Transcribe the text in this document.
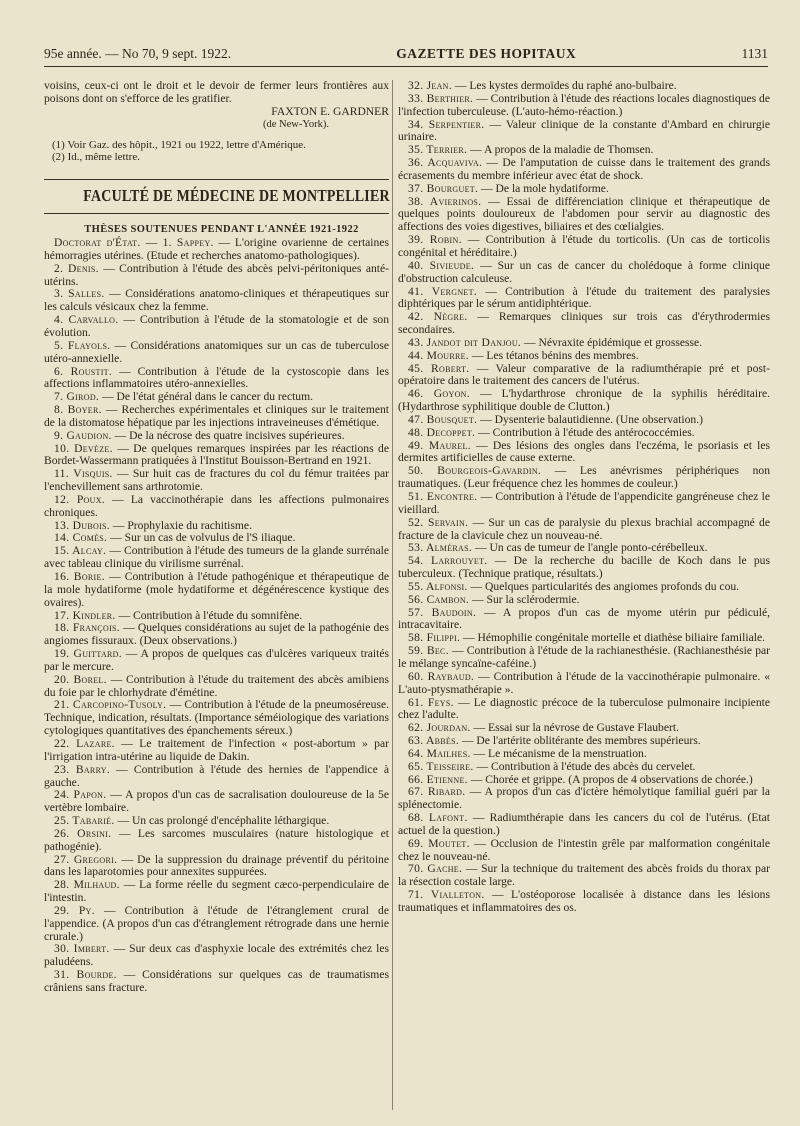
95e année. — No 70, 9 sept. 1922.	GAZETTE DES HOPITAUX	1131

voisins, ceux-ci ont le droit et le devoir de fermer leurs frontières aux poisons dont on s'efforce de les gratifier.

FAXTON E. GARDNER

(de New-York).

(1) Voir Gaz. des hôpit., 1921 ou 1922, lettre d'Amérique.

(2) Id., même lettre.

FACULTÉ DE MÉDECINE DE MONTPELLIER

THÈSES SOUTENUES PENDANT L'ANNÉE 1921-1922

Doctorat d'État. — 1. Sappey. — L'origine ovarienne de certaines hémorragies utérines. (Etude et recherches anatomo-pathologiques).

2. Denis. — Contribution à l'étude des abcès pelvi-péritoniques anté-utérins.

3. Salles. — Considérations anatomo-cliniques et thérapeutiques sur les calculs vésicaux chez la femme.

4. Carvallo. — Contribution à l'étude de la stomatologie et de son évolution.

5. Flayols. — Considérations anatomiques sur un cas de tuberculose utéro-annexielle.

6. Roustit. — Contribution à l'étude de la cystoscopie dans les affections inflammatoires utéro-annexielles.

7. Girod. — De l'état général dans le cancer du rectum.

8. Boyer. — Recherches expérimentales et cliniques sur le traitement de la distomatose hépatique par les injections intraveineuses d'émétique.

9. Gaudion. — De la nécrose des quatre incisives supérieures.

10. Devèze. — De quelques remarques inspirées par les réactions de Bordet-Wassermann pratiquées à l'Institut Bouisson-Bertrand en 1921.

11. Visquis. — Sur huit cas de fractures du col du fémur traitées par l'enchevillement sans arthrotomie.

12. Poux. — La vaccinothérapie dans les affections pulmonaires chroniques.

13. Dubois. — Prophylaxie du rachitisme.

14. Comès. — Sur un cas de volvulus de l'S iliaque.

15. Alcay. — Contribution à l'étude des tumeurs de la glande surrénale avec tableau clinique du virilisme surrénal.

16. Borie. — Contribution à l'étude pathogénique et thérapeutique de la mole hydatiforme (mole hydatiforme et dégénérescence kystique des ovaires).

17. Kindler. — Contribution à l'étude du somnifène.

18. François. — Quelques considérations au sujet de la pathogénie des angiomes fissuraux. (Deux observations.)

19. Guittard. — A propos de quelques cas d'ulcères variqueux traités par le mercure.

20. Borel. — Contribution à l'étude du traitement des abcès amibiens du foie par le chlorhydrate d'émétine.

21. Carcopino-Tusoly. — Contribution à l'étude de la pneumoséreuse. Technique, indication, résultats. (Importance séméiologique des variations cytologiques quantitatives des épanchements séreux.)

22. Lazare. — Le traitement de l'infection « post-abortum » par l'irrigation intra-utérine au liquide de Dakin.

23. Barry. — Contribution à l'étude des hernies de l'appendice à gauche.

24. Papon. — A propos d'un cas de sacralisation douloureuse de la 5e vertèbre lombaire.

25. Tabarié. — Un cas prolongé d'encéphalite léthargique.

26. Orsini. — Les sarcomes musculaires (nature histologique et pathogénie).

27. Gregori. — De la suppression du drainage préventif du péritoine dans les laparotomies pour annexites suppurées.

28. Milhaud. — La forme réelle du segment cæco-perpendiculaire de l'intestin.

29. Py. — Contribution à l'étude de l'étranglement crural de l'appendice. (A propos d'un cas d'étranglement rétrograde dans une hernie crurale.)

30. Imbert. — Sur deux cas d'asphyxie locale des extrémités chez les paludéens.

31. Bourde. — Considérations sur quelques cas de traumatismes crâniens sans fracture.

32. Jean. — Les kystes dermoïdes du raphé ano-bulbaire.

33. Berthier. — Contribution à l'étude des réactions locales diagnostiques de l'infection tuberculeuse. (L'auto-hémo-réaction.)

34. Serpentier. — Valeur clinique de la constante d'Ambard en chirurgie urinaire.

35. Terrier. — A propos de la maladie de Thomsen.

36. Acquaviva. — De l'amputation de cuisse dans le traitement des grands écrasements du membre inférieur avec état de shock.

37. Bourguet. — De la mole hydatiforme.

38. Avierinos. — Essai de différenciation clinique et thérapeutique de quelques points douloureux de l'abdomen pour servir au diagnostic des affections des voies digestives, biliaires et des cœlialgies.

39. Robin. — Contribution à l'étude du torticolis. (Un cas de torticolis congénital et héréditaire.)

40. Sivieude. — Sur un cas de cancer du cholédoque à forme clinique d'obstruction calculeuse.

41. Vergnet. — Contribution à l'étude du traitement des paralysies diphtériques par le sérum antidiphtérique.

42. Nègre. — Remarques cliniques sur trois cas d'érythrodermies secondaires.

43. Jandot dit Danjou. — Névraxite épidémique et grossesse.

44. Mourre. — Les tétanos bénins des membres.

45. Robert. — Valeur comparative de la radiumthérapie pré et post-opératoire dans le traitement des cancers de l'utérus.

46. Goyon. — L'hydarthrose chronique de la syphilis héréditaire. (Hydarthrose syphilitique double de Clutton.)

47. Bousquet. — Dysenterie balautidienne. (Une observation.)

48. Decoppet. — Contribution à l'étude des antérococcémies.

49. Maurel. — Des lésions des ongles dans l'eczéma, le psoriasis et les dermites artificielles de cause externe.

50. Bourgeois-Gavardin. — Les anévrismes périphériques non traumatiques. (Leur fréquence chez les hommes de couleur.)

51. Encontre. — Contribution à l'étude de l'appendicite gangréneuse chez le vieillard.

52. Servain. — Sur un cas de paralysie du plexus brachial accompagné de fracture de la clavicule chez un nouveau-né.

53. Alméras. — Un cas de tumeur de l'angle ponto-cérébelleux.

54. Larrouyet. — De la recherche du bacille de Koch dans le pus tuberculeux. (Technique pratique, résultats.)

55. Alfonsi. — Quelques particularités des angiomes profonds du cou.

56. Cambon. — Sur la sclérodermie.

57. Baudoin. — A propos d'un cas de myome utérin pur pédiculé, intracavitaire.

58. Filippi. — Hémophilie congénitale mortelle et diathèse biliaire familiale.

59. Bec. — Contribution à l'étude de la rachianesthésie. (Rachianesthésie par le mélange syncaïne-caféine.)

60. Raybaud. — Contribution à l'étude de la vaccinothérapie pulmonaire. « L'auto-ptysmathérapie ».

61. Feys. — Le diagnostic précoce de la tuberculose pulmonaire incipiente chez l'adulte.

62. Jourdan. — Essai sur la névrose de Gustave Flaubert.

63. Abbès. — De l'artérite oblitérante des membres supérieurs.

64. Mailhes. — Le mécanisme de la menstruation.

65. Teisseire. — Contribution à l'étude des abcès du cervelet.

66. Etienne. — Chorée et grippe. (A propos de 4 observations de chorée.)

67. Ribard. — A propos d'un cas d'ictère hémolytique familial guéri par la splénectomie.

68. Lafont. — Radiumthérapie dans les cancers du col de l'utérus. (Etat actuel de la question.)

69. Moutet. — Occlusion de l'intestin grêle par malformation congénitale chez le nouveau-né.

70. Gache. — Sur la technique du traitement des abcès froids du thorax par la résection costale large.

71. Vialleton. — L'ostéoporose localisée à distance dans les lésions traumatiques et inflammatoires des os.
